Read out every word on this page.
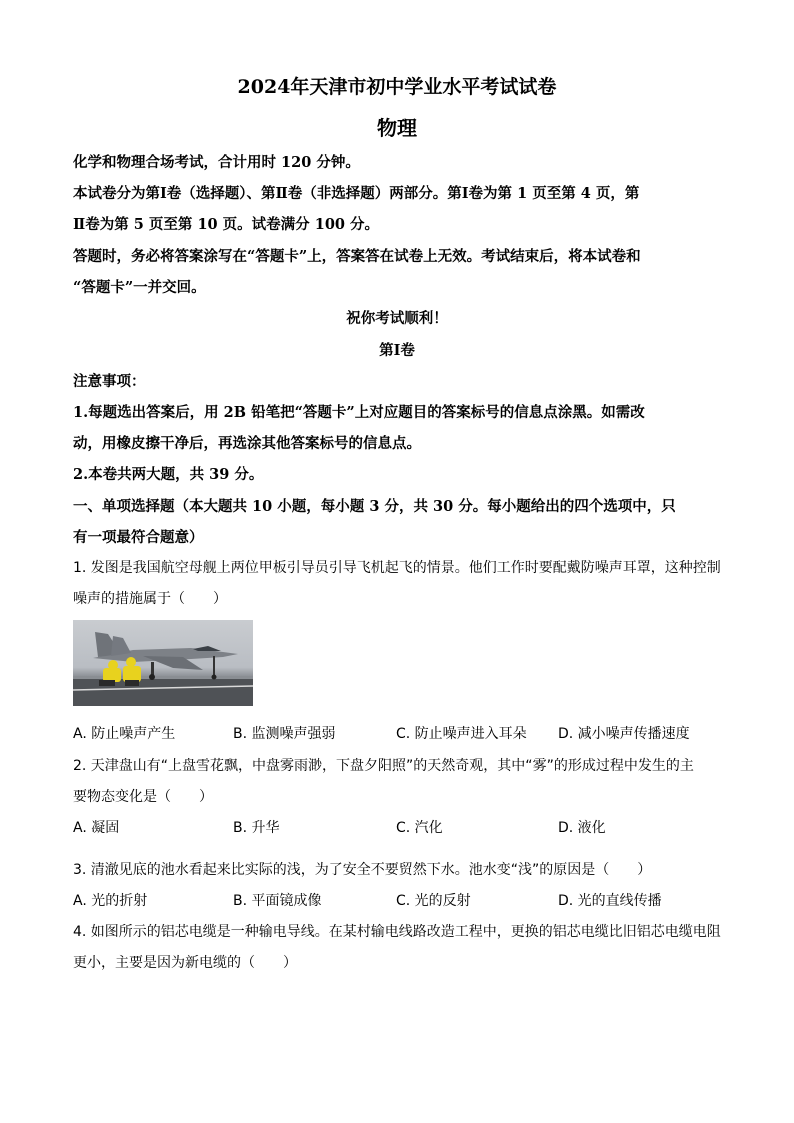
2024年天津市初中学业水平考试试卷
物理
化学和物理合场考试，合计用时 120 分钟。
本试卷分为第Ⅰ卷（选择题）、第Ⅱ卷（非选择题）两部分。第Ⅰ卷为第 1 页至第 4 页，第
Ⅱ卷为第 5 页至第 10 页。试卷满分 100 分。
答题时，务必将答案涂写在“答题卡”上，答案答在试卷上无效。考试结束后，将本试卷和
“答题卡”一并交回。
祝你考试顺利！
第Ⅰ卷
注意事项：
1.每题选出答案后，用 2B 铅笔把“答题卡”上对应题目的答案标号的信息点涂黑。如需改
动，用橡皮擦干净后，再选涂其他答案标号的信息点。
2.本卷共两大题，共 39 分。
一、单项选择题（本大题共 10 小题，每小题 3 分，共 30 分。每小题给出的四个选项中，只
有一项最符合题意）
1. 发图是我国航空母舰上两位甲板引导员引导飞机起飞的情景。他们工作时要配戴防噪声耳罩，这种控制
噪声的措施属于（　　）
A. 防止噪声产生	B. 监测噪声强弱	C. 防止噪声进入耳朵 D. 减小噪声传播速度
2. 天津盘山有“上盘雪花飘，中盘雾雨渺，下盘夕阳照”的天然奇观，其中“雾”的形成过程中发生的主
要物态变化是（　　）
A. 凝固	B. 升华	C. 汽化	D. 液化
3. 清澈见底的池水看起来比实际的浅，为了安全不要贸然下水。池水变“浅”的原因是（　　）
A. 光的折射	B. 平面镜成像	C. 光的反射	D. 光的直线传播
4. 如图所示的铝芯电缆是一种输电导线。在某村输电线路改造工程中，更换的铝芯电缆比旧铝芯电缆电阻
更小，主要是因为新电缆的（　　）
